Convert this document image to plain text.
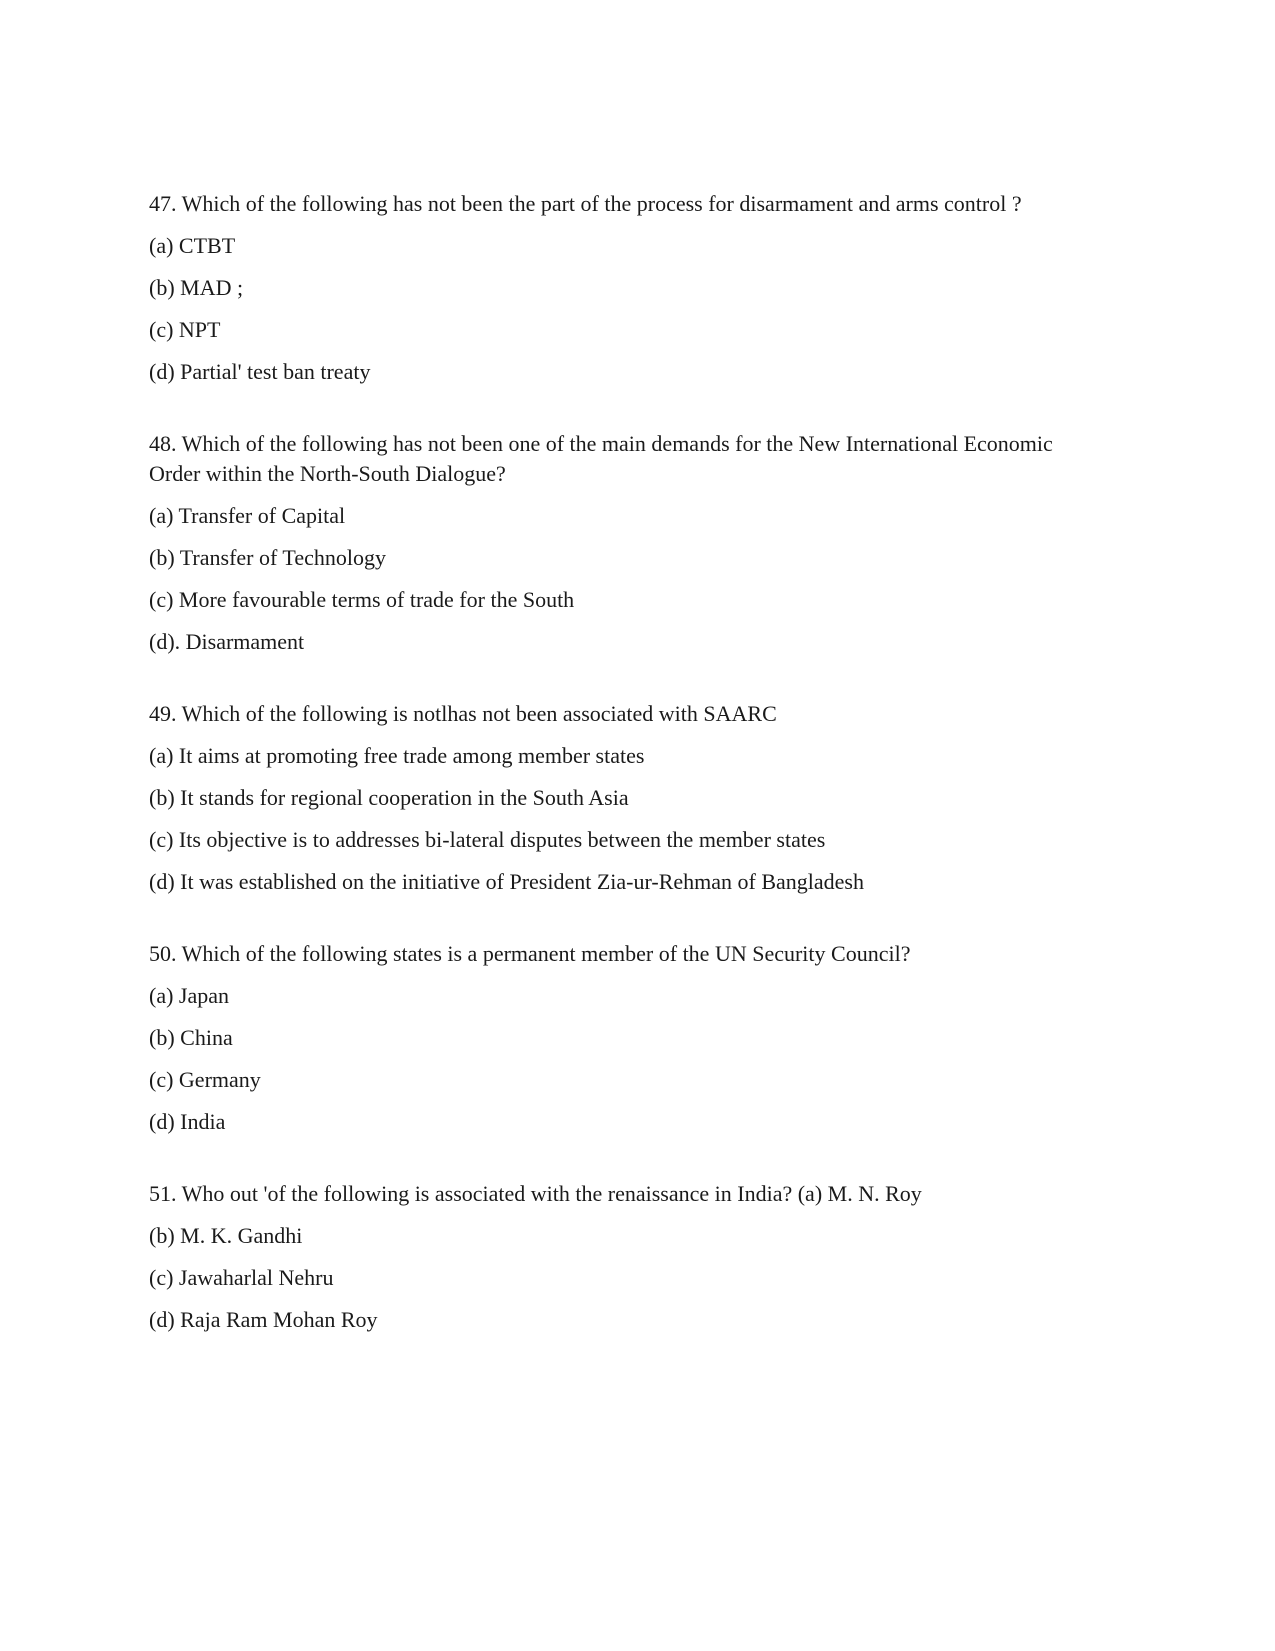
47. Which of the following has not been the part of the process for disarmament and arms control ?

(a) CTBT

(b) MAD ;

(c) NPT

(d) Partial' test ban treaty

48. Which of the following has not been one of the main demands for the New International Economic Order within the North-South Dialogue?

(a) Transfer of Capital

(b) Transfer of Technology

(c) More favourable terms of trade for the South

(d). Disarmament

49. Which of the following is notlhas not been associated with SAARC

(a) It aims at promoting free trade among member states

(b) It stands for regional cooperation in the South Asia

(c) Its objective is to addresses bi-lateral disputes between the member states

(d) It was established on the initiative of President Zia-ur-Rehman of Bangladesh

50. Which of the following states is a permanent member of the UN Security Council?

(a) Japan

(b) China

(c) Germany

(d) India

51. Who out 'of the following is associated with the renaissance in India? (a) M. N. Roy

(b) M. K. Gandhi

(c) Jawaharlal Nehru

(d) Raja Ram Mohan Roy
